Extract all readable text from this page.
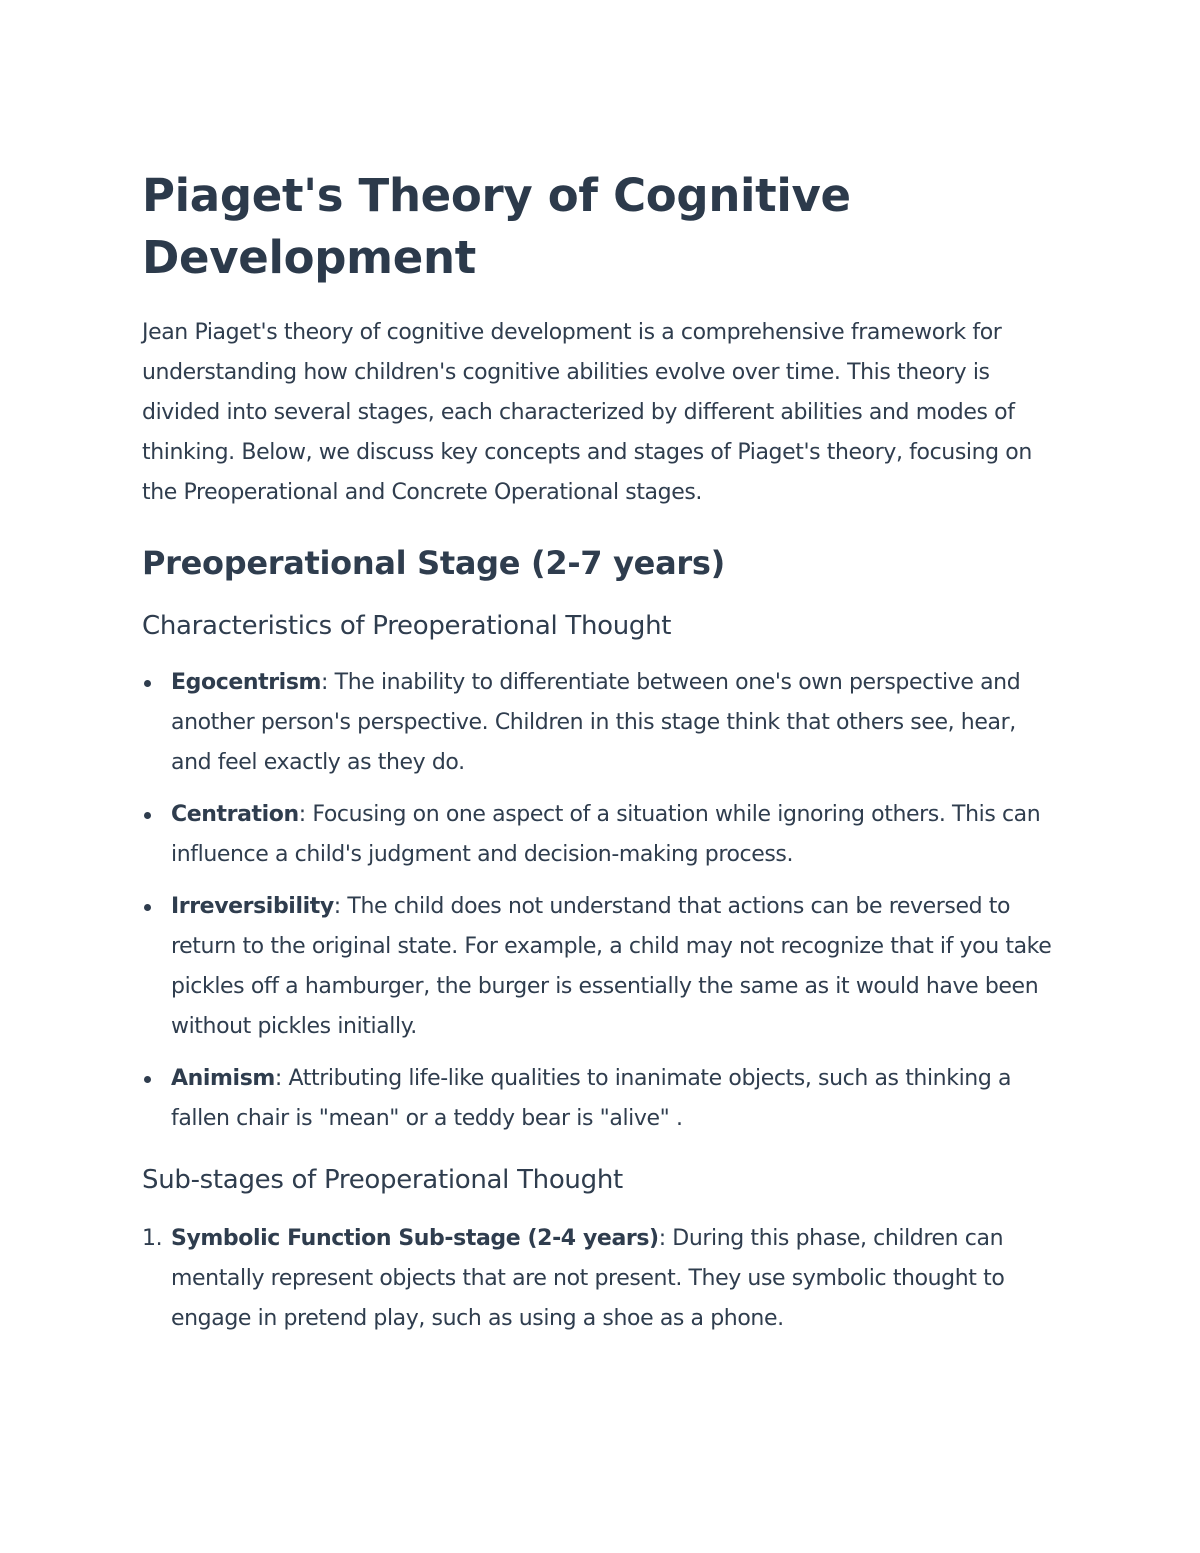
Piaget's Theory of Cognitive Development

Jean Piaget's theory of cognitive development is a comprehensive framework for understanding how children's cognitive abilities evolve over time. This theory is divided into several stages, each characterized by different abilities and modes of thinking. Below, we discuss key concepts and stages of Piaget's theory, focusing on the Preoperational and Concrete Operational stages.

Preoperational Stage (2-7 years)
Characteristics of Preoperational Thought
Egocentrism: The inability to differentiate between one's own perspective and another person's perspective. Children in this stage think that others see, hear, and feel exactly as they do.
Centration: Focusing on one aspect of a situation while ignoring others. This can influence a child's judgment and decision-making process.
Irreversibility: The child does not understand that actions can be reversed to return to the original state. For example, a child may not recognize that if you take pickles off a hamburger, the burger is essentially the same as it would have been without pickles initially.
Animism: Attributing life-like qualities to inanimate objects, such as thinking a fallen chair is "mean" or a teddy bear is "alive" .
Sub-stages of Preoperational Thought
1. Symbolic Function Sub-stage (2-4 years): During this phase, children can mentally represent objects that are not present. They use symbolic thought to engage in pretend play, such as using a shoe as a phone.
